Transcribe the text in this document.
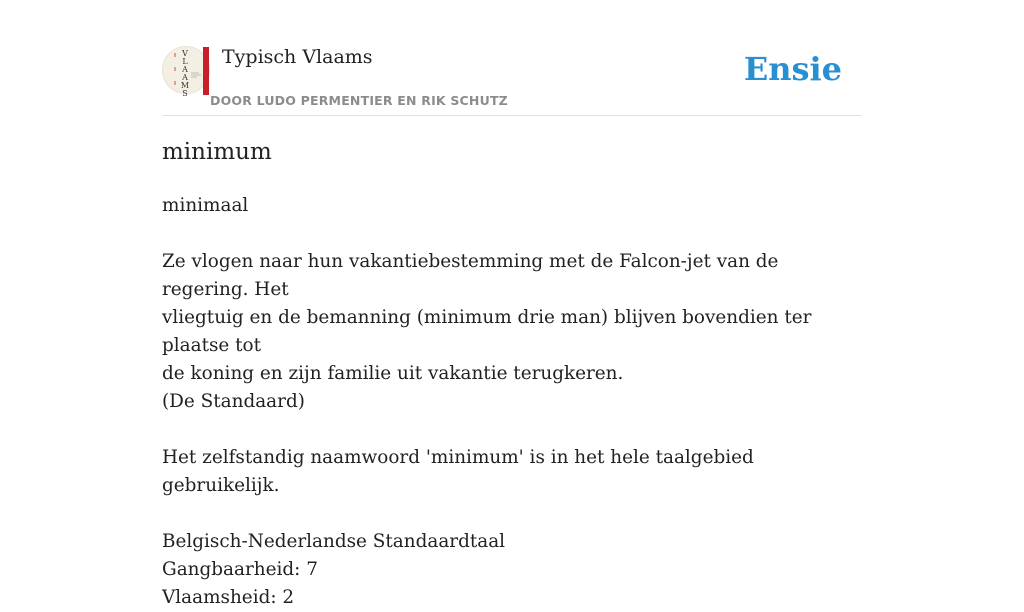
V
L
A
A
M
S
Typisch Vlaams
DOOR LUDO PERMENTIER EN RIK SCHUTZ
Ensie
minimum

minimaal

Ze vlogen naar hun vakantiebestemming met de Falcon-jet van de regering. Het

vliegtuig en de bemanning (minimum drie man) blijven bovendien ter plaatse tot

de koning en zijn familie uit vakantie terugkeren.

(De Standaard)

Het zelfstandig naamwoord 'minimum' is in het hele taalgebied gebruikelijk.

Belgisch-Nederlandse Standaardtaal

Gangbaarheid: 7

Vlaamsheid: 2
